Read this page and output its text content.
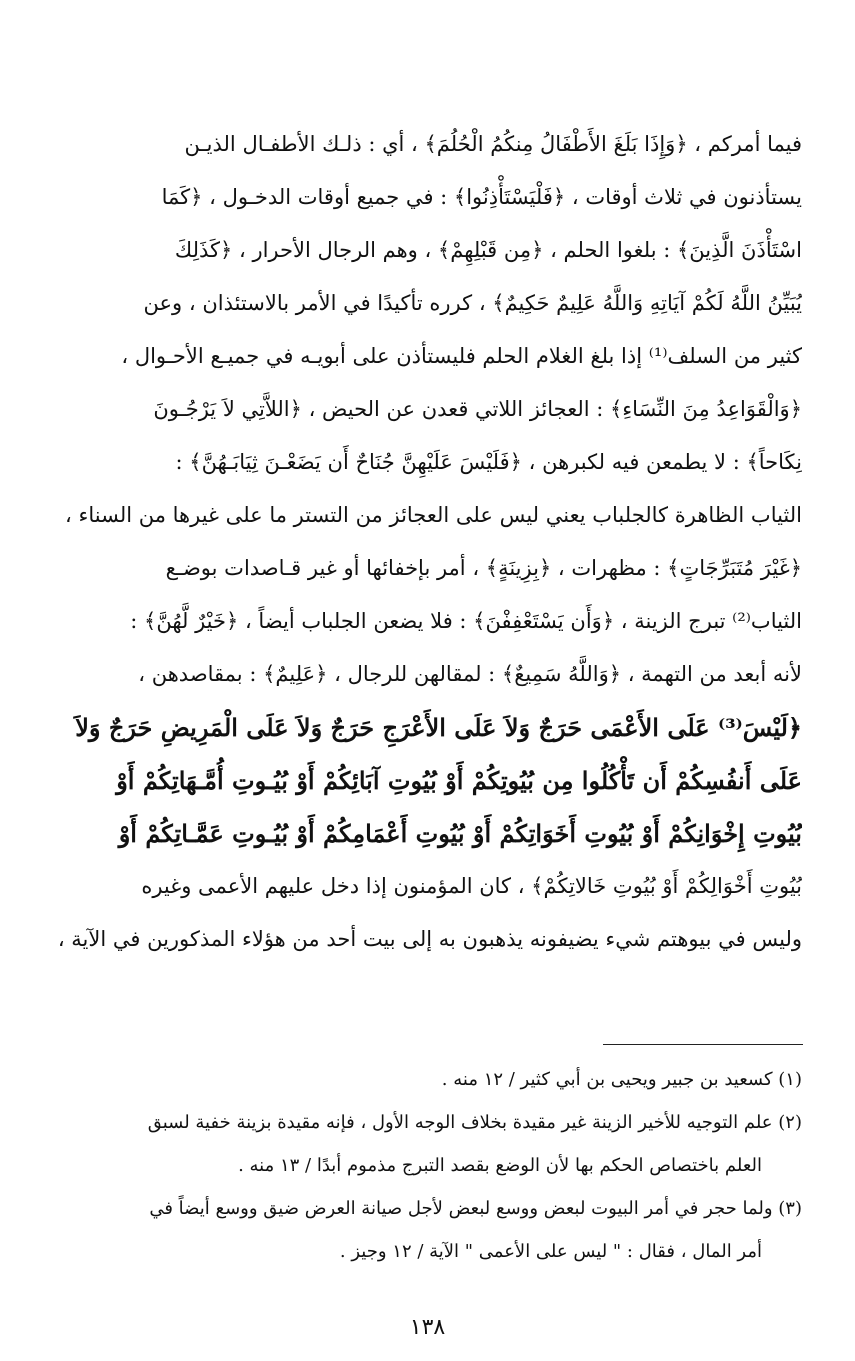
فيما أمركم ، ﴿وَإِذَا بَلَغَ الأَطْفَالُ مِنكُمُ الْحُلُمَ﴾ ، أي : ذلـك الأطفـال الذيـن
يستأذنون في ثلاث أوقات ، ﴿فَلْيَسْتَأْذِنُوا﴾ : في جميع أوقات الدخـول ، ﴿كَمَا
اسْتَأْذَنَ الَّذِينَ﴾ : بلغوا الحلم ، ﴿مِن قَبْلِهِمْ﴾ ، وهم الرجال الأحرار ، ﴿كَذَلِكَ
يُبَيِّنُ اللَّهُ لَكُمْ آيَاتِهِ وَاللَّهُ عَلِيمٌ حَكِيمٌ﴾ ، كرره تأكيدًا في الأمر بالاستئذان ، وعن
كثير من السلف⁽¹⁾ إذا بلغ الغلام الحلم فليستأذن على أبويـه في جميـع الأحـوال ،
﴿وَالْقَوَاعِدُ مِنَ النِّسَاءِ﴾ : العجائز اللاتي قعدن عن الحيض ، ﴿اللاَّتِي لاَ يَرْجُـونَ
نِكَاحاً﴾ : لا يطمعن فيه لكبرهن ، ﴿فَلَيْسَ عَلَيْهِنَّ جُنَاحٌ أَن يَضَعْـنَ ثِيَابَـهُنَّ﴾ :
الثياب الظاهرة كالجلباب يعني ليس على العجائز من التستر ما على غيرها من السناء ،
﴿غَيْرَ مُتَبَرِّجَاتٍ﴾ : مظهرات ، ﴿بِزِينَةٍ﴾ ، أمر بإخفائها أو غير قـاصدات بوضـع
الثياب⁽²⁾ تبرج الزينة ، ﴿وَأَن يَسْتَعْفِفْنَ﴾ : فلا يضعن الجلباب أيضاً ، ﴿خَيْرٌ لَّهُنَّ﴾ :
لأنه أبعد من التهمة ، ﴿وَاللَّهُ سَمِيعٌ﴾ : لمقالهن للرجال ، ﴿عَلِيمٌ﴾ : بمقاصدهن ،
﴿لَيْسَ⁽³⁾ عَلَى الأَعْمَى حَرَجٌ وَلاَ عَلَى الأَعْرَجِ حَرَجٌ وَلاَ عَلَى الْمَرِيضِ حَرَجٌ وَلاَ
عَلَى أَنفُسِكُمْ أَن تَأْكُلُوا مِن بُيُوتِكُمْ أَوْ بُيُوتِ آبَائِكُمْ أَوْ بُيُـوتِ أُمَّـهَاتِكُمْ أَوْ
بُيُوتِ إِخْوَانِكُمْ أَوْ بُيُوتِ أَخَوَاتِكُمْ أَوْ بُيُوتِ أَعْمَامِكُمْ أَوْ بُيُـوتِ عَمَّـاتِكُمْ أَوْ
بُيُوتِ أَخْوَالِكُمْ أَوْ بُيُوتِ خَالاتِكُمْ﴾ ، كان المؤمنون إذا دخل عليهم الأعمى وغيره
وليس في بيوهتم شيء يضيفونه يذهبون به إلى بيت أحد من هؤلاء المذكورين في الآية ،
(١) كسعيد بن جبير ويحيى بن أبي كثير / ١٢ منه .
(٢) علم التوجيه للأخير الزينة غير مقيدة بخلاف الوجه الأول ، فإنه مقيدة بزينة خفية لسبق
العلم باختصاص الحكم بها لأن الوضع بقصد التبرج مذموم أبدًا / ١٣ منه .
(٣) ولما حجر في أمر البيوت لبعض ووسع لبعض لأجل صيانة العرض ضيق ووسع أيضاً في
أمر المال ، فقال : " ليس على الأعمى " الآية / ١٢ وجيز .
١٣٨
